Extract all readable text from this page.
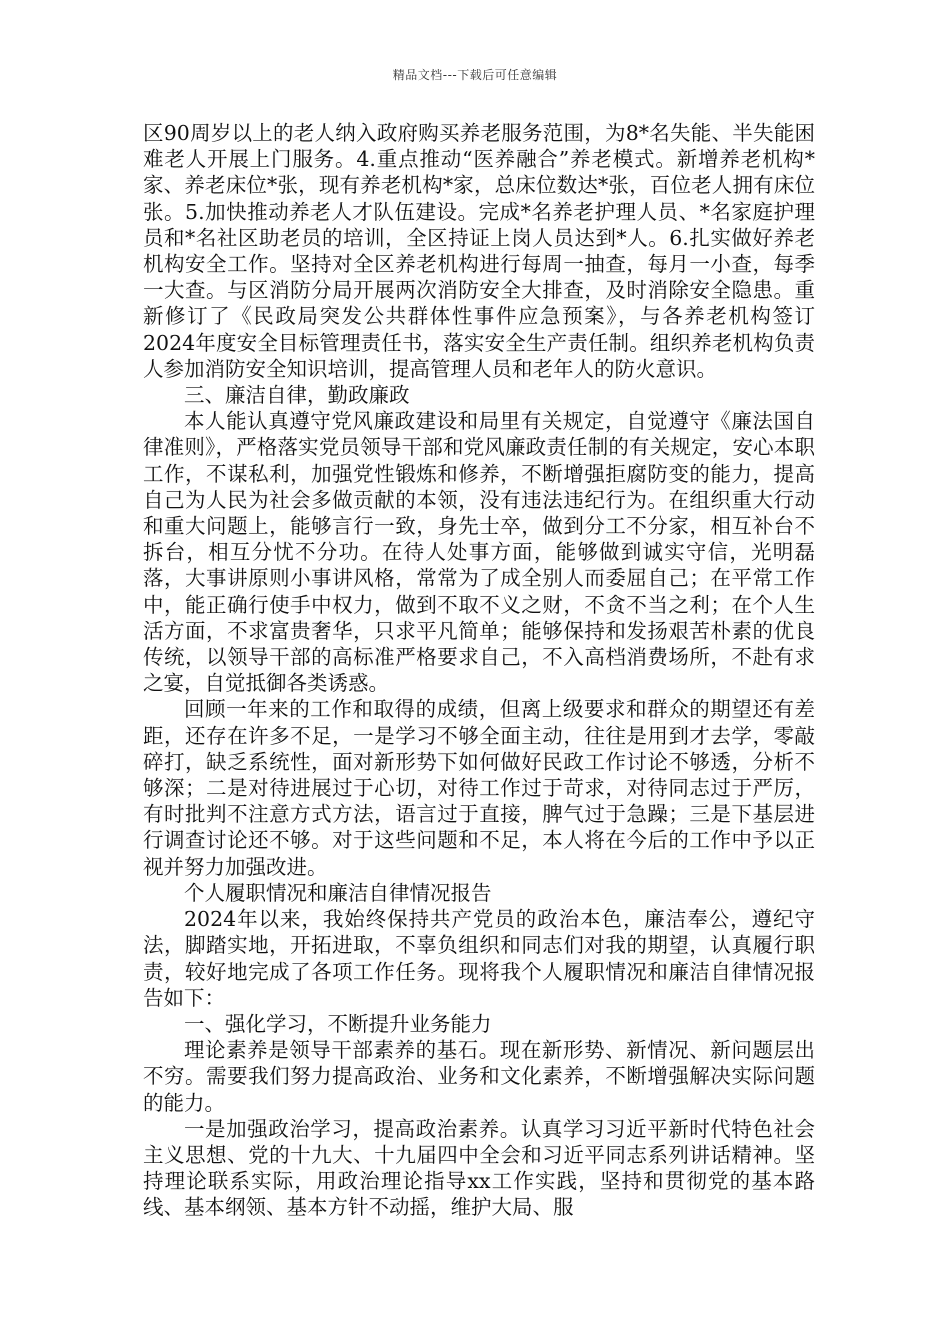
精品文档---下载后可任意编辑

区90周岁以上的老人纳入政府购买养老服务范围，为8*名失能、半失能困难老人开展上门服务。4.重点推动“医养融合”养老模式。新增养老机构*家、养老床位*张，现有养老机构*家，总床位数达*张，百位老人拥有床位张。5.加快推动养老人才队伍建设。完成*名养老护理人员、*名家庭护理员和*名社区助老员的培训，全区持证上岗人员达到*人。6.扎实做好养老机构安全工作。坚持对全区养老机构进行每周一抽查，每月一小查，每季一大查。与区消防分局开展两次消防安全大排查，及时消除安全隐患。重新修订了《民政局突发公共群体性事件应急预案》，与各养老机构签订2024年度安全目标管理责任书，落实安全生产责任制。组织养老机构负责人参加消防安全知识培训，提高管理人员和老年人的防火意识。

三、廉洁自律，勤政廉政

本人能认真遵守党风廉政建设和局里有关规定，自觉遵守《廉法国自律准则》，严格落实党员领导干部和党风廉政责任制的有关规定，安心本职工作，不谋私利，加强党性锻炼和修养，不断增强拒腐防变的能力，提高自己为人民为社会多做贡献的本领，没有违法违纪行为。在组织重大行动和重大问题上，能够言行一致，身先士卒，做到分工不分家，相互补台不拆台，相互分忧不分功。在待人处事方面，能够做到诚实守信，光明磊落，大事讲原则小事讲风格，常常为了成全别人而委屈自己；在平常工作中，能正确行使手中权力，做到不取不义之财，不贪不当之利；在个人生活方面，不求富贵奢华，只求平凡简单；能够保持和发扬艰苦朴素的优良传统，以领导干部的高标准严格要求自己，不入高档消费场所，不赴有求之宴，自觉抵御各类诱惑。

回顾一年来的工作和取得的成绩，但离上级要求和群众的期望还有差距，还存在许多不足，一是学习不够全面主动，往往是用到才去学，零敲碎打，缺乏系统性，面对新形势下如何做好民政工作讨论不够透，分析不够深；二是对待进展过于心切，对待工作过于苛求，对待同志过于严厉，有时批判不注意方式方法，语言过于直接，脾气过于急躁；三是下基层进行调查讨论还不够。对于这些问题和不足，本人将在今后的工作中予以正视并努力加强改进。

个人履职情况和廉洁自律情况报告

2024年以来，我始终保持共产党员的政治本色，廉洁奉公，遵纪守法，脚踏实地，开拓进取，不辜负组织和同志们对我的期望，认真履行职责，较好地完成了各项工作任务。现将我个人履职情况和廉洁自律情况报告如下：

一、强化学习，不断提升业务能力

理论素养是领导干部素养的基石。现在新形势、新情况、新问题层出不穷。需要我们努力提高政治、业务和文化素养，不断增强解决实际问题的能力。

一是加强政治学习，提高政治素养。认真学习习近平新时代特色社会主义思想、党的十九大、十九届四中全会和习近平同志系列讲话精神。坚持理论联系实际，用政治理论指导xx工作实践，坚持和贯彻党的基本路线、基本纲领、基本方针不动摇，维护大局、服
